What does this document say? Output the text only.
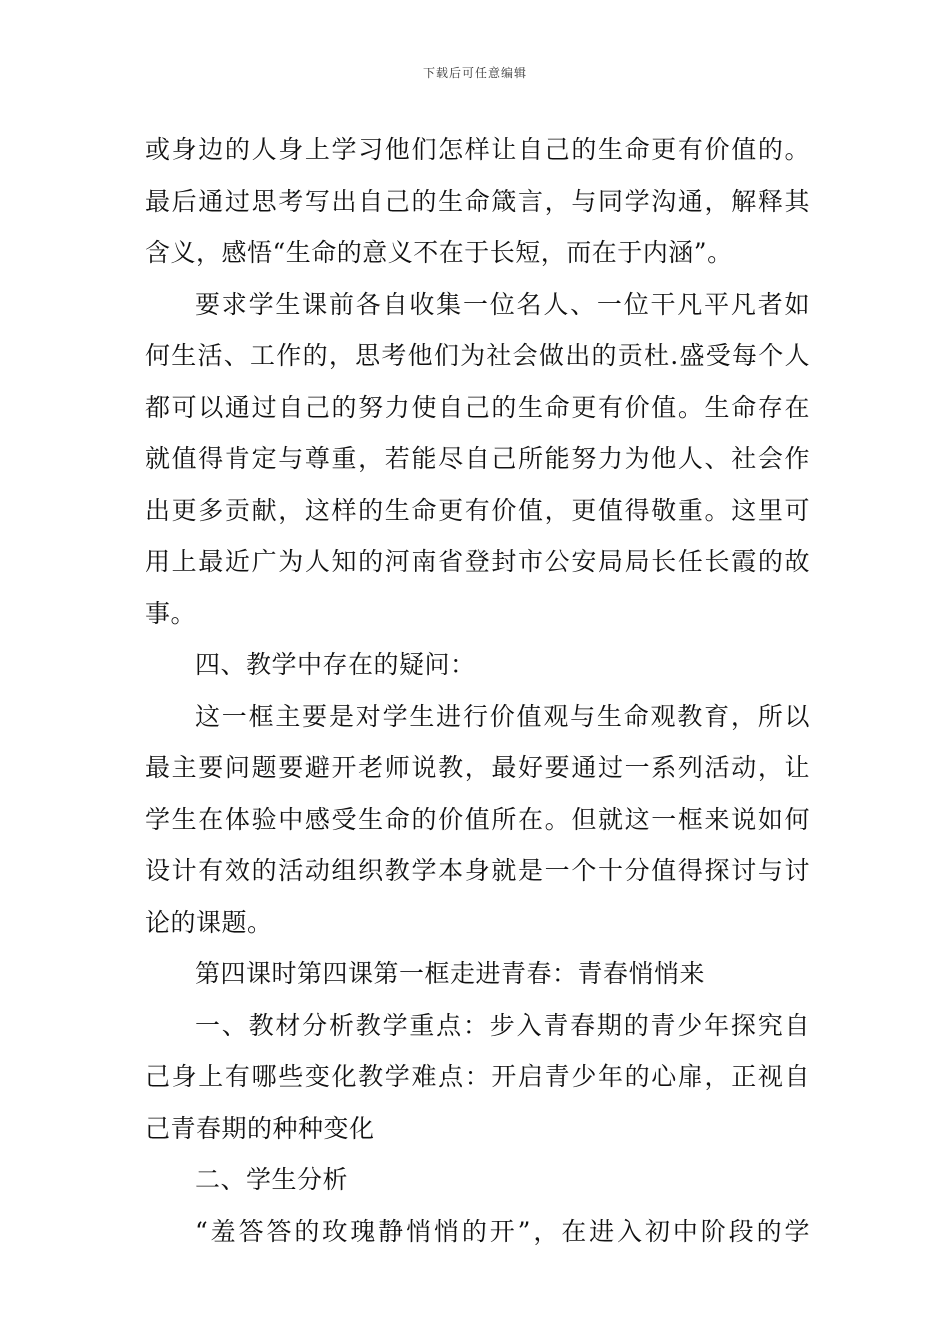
下载后可任意编辑
或身边的人身上学习他们怎样让自己的生命更有价值的。
最后通过思考写出自己的生命箴言，与同学沟通，解释其
含义，感悟“生命的意义不在于长短，而在于内涵”。
要求学生课前各自收集一位名人、一位干凡平凡者如
何生活、工作的，思考他们为社会做出的贡杜.盛受每个人
都可以通过自己的努力使自己的生命更有价值。生命存在
就值得肯定与尊重，若能尽自己所能努力为他人、社会作
出更多贡献，这样的生命更有价值，更值得敬重。这里可
用上最近广为人知的河南省登封市公安局局长任长霞的故
事。
四、教学中存在的疑问：
这一框主要是对学生进行价值观与生命观教育，所以
最主要问题要避开老师说教，最好要通过一系列活动，让
学生在体验中感受生命的价值所在。但就这一框来说如何
设计有效的活动组织教学本身就是一个十分值得探讨与讨
论的课题。
第四课时第四课第一框走进青春：青春悄悄来
一、教材分析教学重点：步入青春期的青少年探究自
己身上有哪些变化教学难点：开启青少年的心扉，正视自
己青春期的种种变化
二、学生分析
“羞答答的玫瑰静悄悄的开”，在进入初中阶段的学
